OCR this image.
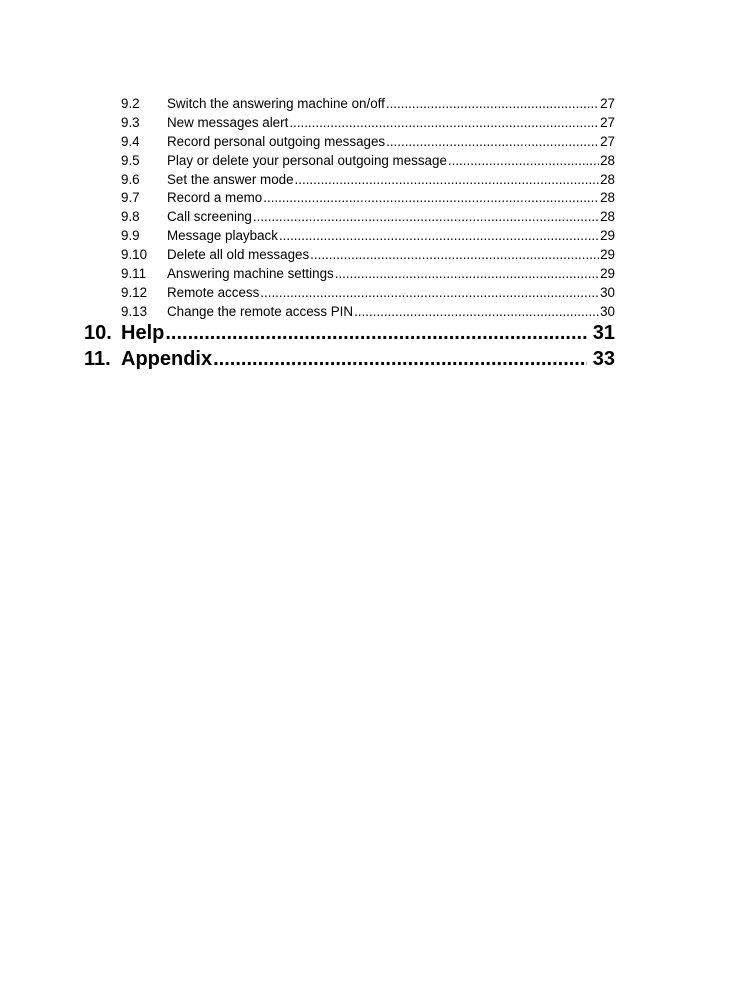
9.2	Switch the answering machine on/off .....	27
9.3	New messages alert .....	27
9.4	Record personal outgoing messages .....	27
9.5	Play or delete your personal outgoing message .....	28
9.6	Set the answer mode .....	28
9.7	Record a memo .....	28
9.8	Call screening .....	28
9.9	Message playback .....	29
9.10	Delete all old messages .....	29
9.11	Answering machine settings .....	29
9.12	Remote access .....	30
9.13	Change the remote access PIN .....	30
10. Help .....	31
11. Appendix .....	33
